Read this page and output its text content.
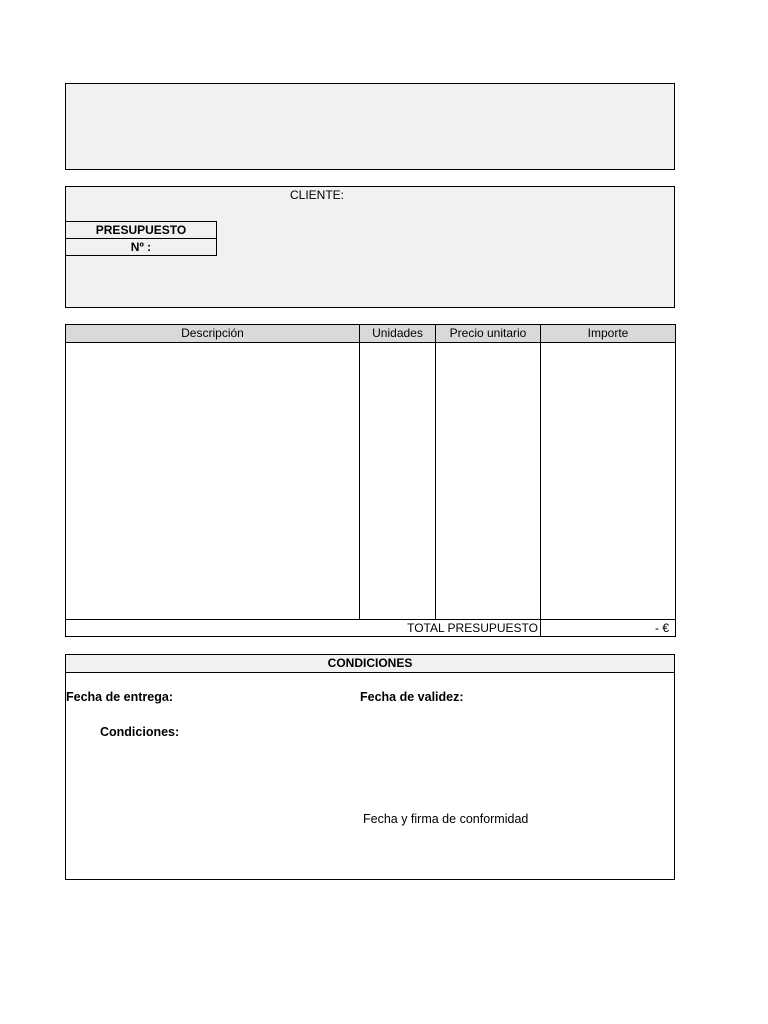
CLIENTE:
PRESUPUESTO
Nº :
Descripción	Unidades	Precio unitario	Importe

TOTAL PRESUPUESTO			- €
CONDICIONES
Fecha de entrega:	Fecha de validez:
Condiciones:
Fecha y firma de conformidad
